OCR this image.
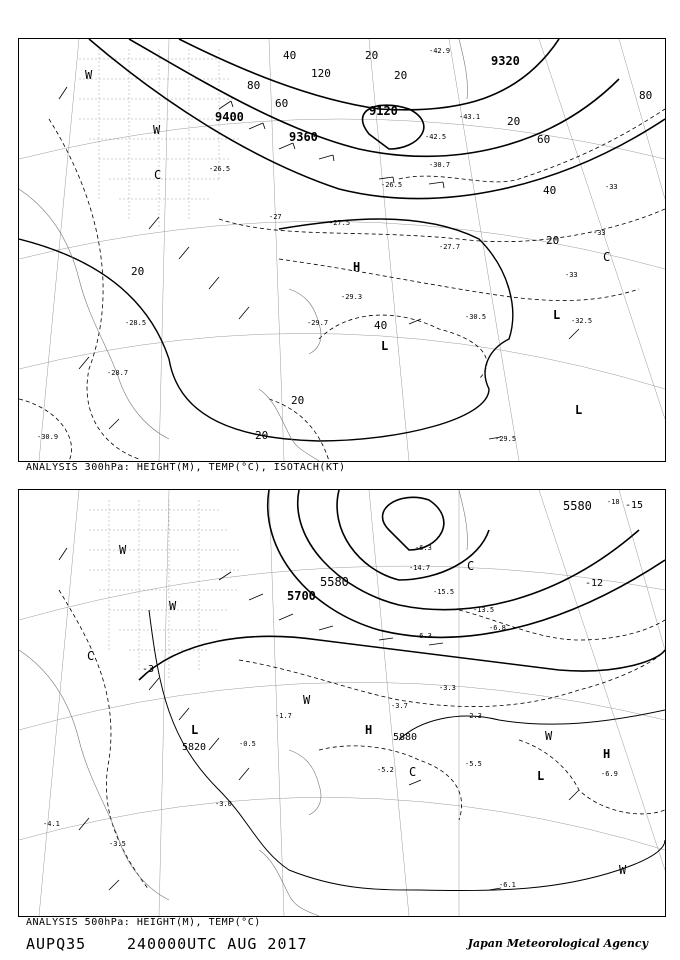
9120
9400
9360
9320
120
80
60
40	20
20
20
40
20
20
40
20
60
80
20
-42.9
-43.1
-42.5
-30.7
-26.5
-27.5
-27.7
-28.5
-29.3
-30.5	-32.5
-29.5
-33
-33
-33
-26.5
-27
-30.9
-28.7
-29.7
H
L
L
L
C
C
W
W
ANALYSIS 300hPa: HEIGHT(M), TEMP(°C), ISOTACH(KT)
5580
5700
5580
5880
5820
-18 -15
-12
-15.5
-13.5
-14.7
-6.3
-6.8
-6.1
-5.5
-3.3
-2.3
-3.7
-5.2
-3
-1.7
-0.5
-4.1
-3.5
-3.0
-6.3
-6.9
H
H
L
L
C
C
C
W
W
W
W
W
ANALYSIS 500hPa: HEIGHT(M), TEMP(°C)
AUPQ35	240000UTC AUG 2017	Japan Meteorological Agency
